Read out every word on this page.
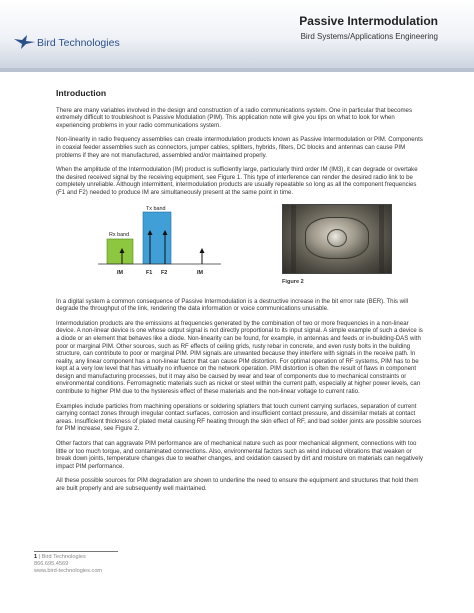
Bird Technologies
Passive Intermodulation
Bird Systems/Applications Engineering
Introduction

There are many variables involved in the design and construction of a radio communications system. One in particular that becomes extremely difficult to troubleshoot is Passive Modulation (PIM). This application note will give you tips on what to look for when experiencing problems in your radio communications system.

Non-linearity in radio frequency assemblies can create intermodulation products known as Passive Intermodulation or PIM. Components in coaxial feeder assemblies such as connectors, jumper cables, splitters, hybrids, filters, DC blocks and antennas can cause PIM problems if they are not manufactured, assembled and/or maintained properly.

When the amplitude of the Intermodulation (IM) product is sufficiently large, particularly third order IM (IM3), it can degrade or overtake the desired received signal by the receiving equipment, see Figure 1. This type of interference can render the desired radio link to be completely unreliable. Although intermittent, intermodulation products are usually repeatable so long as all the component frequencies (F1 and F2) needed to produce IM are simultaneously present at the same point in time.

Rx band
Tx band
IM	F1 F2	IM
Figure 2

In a digital system a common consequence of Passive Intermodulation is a destructive increase in the bit error rate (BER). This will degrade the throughput of the link, rendering the data information or voice communications unusable.

Intermodulation products are the emissions at frequencies generated by the combination of two or more frequencies in a non-linear device. A non-linear device is one whose output signal is not directly proportional to its input signal. A simple example of such a device is a diode or an element that behaves like a diode. Non-linearity can be found, for example, in antennas and feeds or in-building-DAS with poor or marginal PIM. Other sources, such as RF effects of ceiling grids, rusty rebar in concrete, and even rusty bolts in the building structure, can contribute to poor or marginal PIM. PIM signals are unwanted because they interfere with signals in the receive path. In reality, any linear component has a non-linear factor that can cause PIM distortion. For optimal operation of RF systems, PIM has to be kept at a very low level that has virtually no influence on the network operation. PIM distortion is often the result of flaws in component design and manufacturing processes, but it may also be caused by wear and tear of components due to mechanical constraints or environmental conditions. Ferromagnetic materials such as nickel or steel within the current path, especially at higher power levels, can contribute to higher PIM due to the hysteresis effect of these materials and the non-linear voltage to current ratio.

Examples include particles from machining operations or soldering splatters that touch current carrying surfaces, separation of current carrying contact zones through irregular contact surfaces, corrosion and insufficient contact pressure, and dissimilar metals at contact areas. Insufficient thickness of plated metal causing RF heating through the skin effect of RF, and bad solder joints are possible sources for PIM increase, see Figure 2.

Other factors that can aggravate PIM performance are of mechanical nature such as poor mechanical alignment, connections with too little or too much torque, and contaminated connections. Also, environmental factors such as wind induced vibrations that weaken or break down joints, temperature changes due to weather changes, and oxidation caused by dirt and moisture on materials can negatively impact PIM performance.

All these possible sources for PIM degradation are shown to underline the need to ensure the equipment and structures that hold them are built properly and are subsequently well maintained.

1 | Bird Technologies
866.695.4569
www.bird-technologies.com
